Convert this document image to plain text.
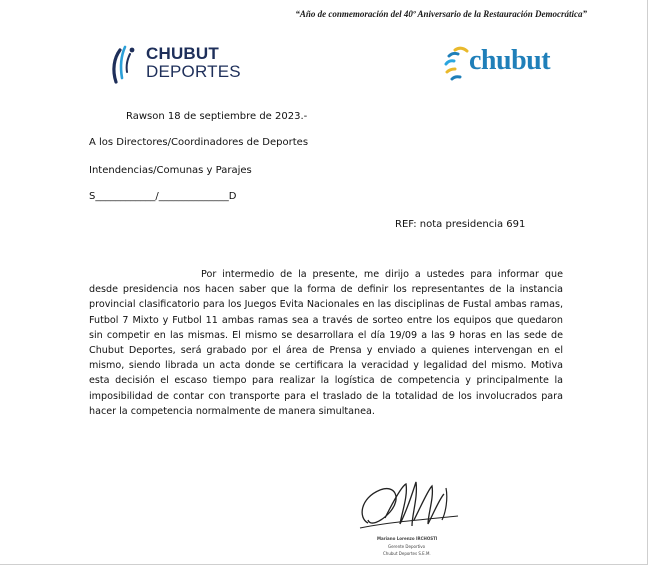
“Año de conmemoración del 40º Aniversario de la Restauración Democrática”
CHUBUT
DEPORTES	chubut
Rawson 18 de septiembre de 2023.-
A los Directores/Coordinadores de Deportes
Intendencias/Comunas y Parajes
S____________/______________D
REF: nota presidencia 691
Por intermedio de la presente, me dirijo a ustedes para informar que desde presidencia nos hacen saber que la forma de definir los representantes de la instancia provincial clasificatorio para los Juegos Evita Nacionales en las disciplinas de Fustal ambas ramas, Futbol 7 Mixto y Futbol 11 ambas ramas sea a través de sorteo entre los equipos que quedaron sin competir en las mismas. El mismo se desarrollara el día 19/09 a las 9 horas en las sede de Chubut Deportes, será grabado por el área de Prensa y enviado a quienes intervengan en el mismo, siendo librada un acta donde se certificara la veracidad y legalidad del mismo. Motiva esta decisión el escaso tiempo para realizar la logística de competencia y principalmente la imposibilidad de contar con transporte para el traslado de la totalidad de los involucrados para hacer la competencia normalmente de manera simultanea.
Mariano Lorenzo IRCHOSTI
Gerente Deportivo
Chubut Deportes S.E.M.
